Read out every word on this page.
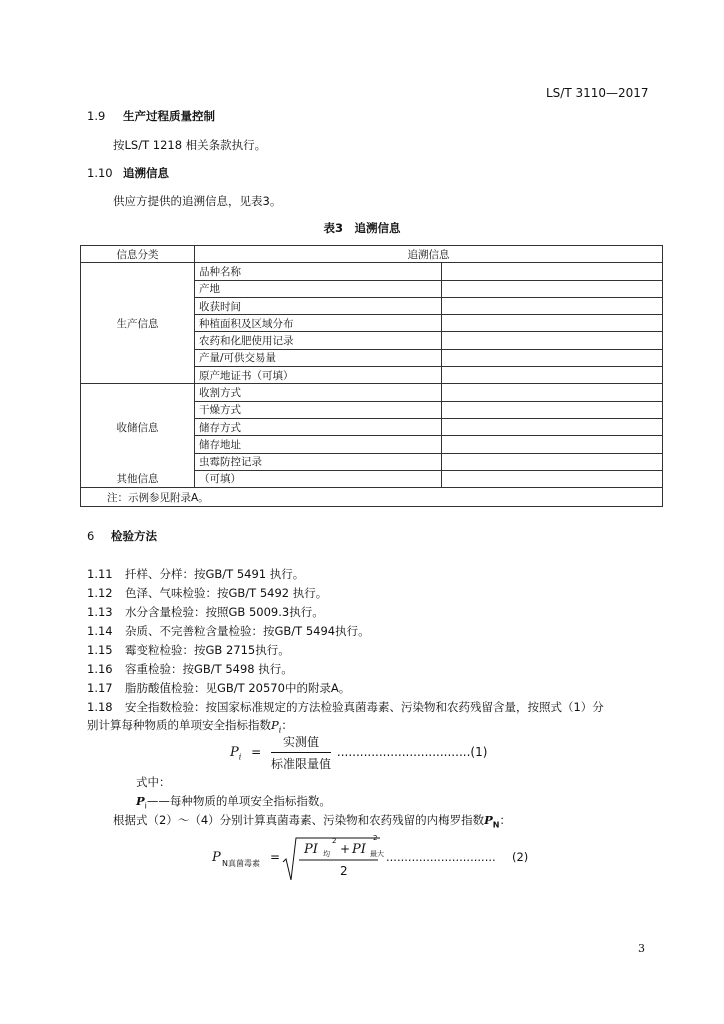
LS/T 3110—2017
1.9 生产过程质量控制
按LS/T 1218 相关条款执行。
1.10 追溯信息
供应方提供的追溯信息，见表3。
表3　追溯信息
信息分类	追溯信息	
生产信息	品种名称	
	产地	
	收获时间	
	种植面积及区域分布	
	农药和化肥使用记录	
	产量/可供交易量	
	原产地证书（可填）	
收储信息	收割方式	
	干燥方式	
	储存方式	
	储存地址	
	虫霉防控记录	
其他信息	（可填）	
注：示例参见附录A。		
6 检验方法
1.11 扦样、分样：按GB/T 5491 执行。
1.12 色泽、气味检验：按GB/T 5492 执行。
1.13 水分含量检验：按照GB 5009.3执行。
1.14 杂质、不完善粒含量检验：按GB/T 5494执行。
1.15 霉变粒检验：按GB 2715执行。
1.16 容重检验：按GB/T 5498 执行。
1.17 脂肪酸值检验：见GB/T 20570中的附录A。
1.18 安全指数检验：按国家标准规定的方法检验真菌毒素、污染物和农药残留含量，按照式（1）分
别计算每种物质的单项安全指标指数$P_i$：
$P_i = \frac{\text{实测值}}{\text{标准限量值}} ...................................(1)$
式中：
$P_i——$每种物质的单项安全指标指数。
根据式（2）～（4）分别计算真菌毒素、污染物和农药残留的内梅罗指数$P_N$：
P N真菌毒素 = PI 均
2
+ PI 最大
2
2
.............................. (2)
3
